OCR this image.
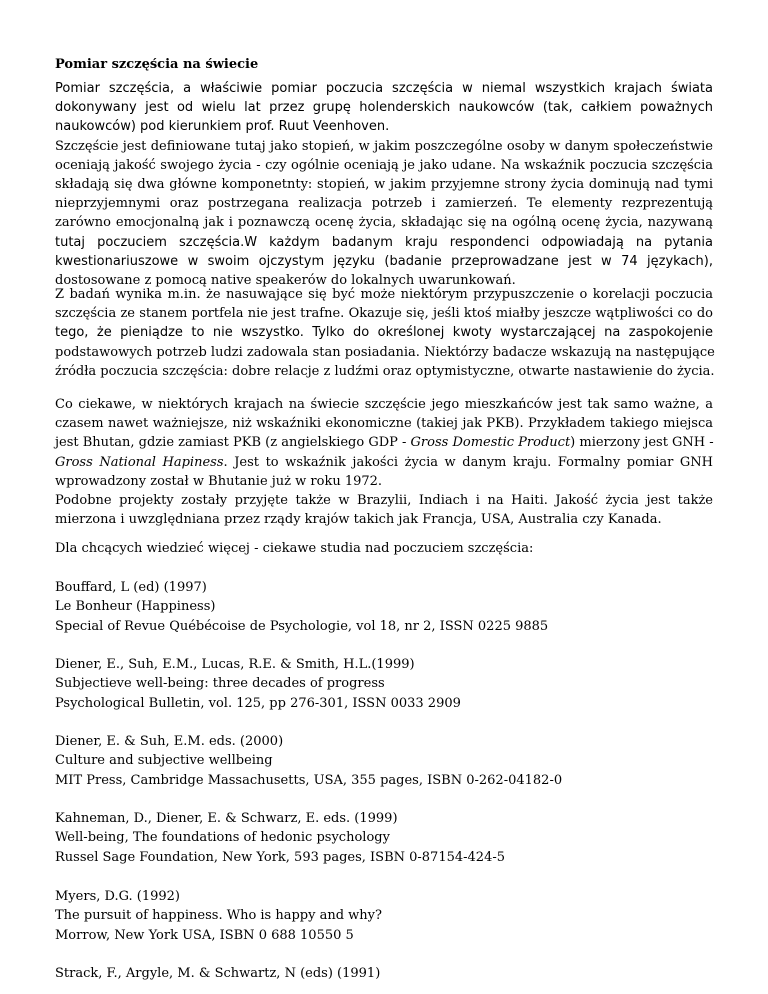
Pomiar szczęścia na świecie
Pomiar szczęścia, a właściwie pomiar poczucia szczęścia w niemal wszystkich krajach świata
dokonywany jest od wielu lat przez grupę holenderskich naukowców (tak, całkiem poważnych
naukowców) pod kierunkiem prof. Ruut Veenhoven.
Szczęście jest definiowane tutaj jako stopień, w jakim poszczególne osoby w danym społeczeństwie
oceniają jakość swojego życia - czy ogólnie oceniają je jako udane. Na wskaźnik poczucia szczęścia
składają się dwa główne komponetnty: stopień, w jakim przyjemne strony życia dominują nad tymi
nieprzyjemnymi oraz postrzegana realizacja potrzeb i zamierzeń. Te elementy rezprezentują
zarówno emocjonalną jak i poznawczą ocenę życia, składając się na ogólną ocenę życia, nazywaną
tutaj poczuciem szczęścia.W każdym badanym kraju respondenci odpowiadają na pytania
kwestionariuszowe w swoim ojczystym języku (badanie przeprowadzane jest w 74 językach),
dostosowane z pomocą native speakerów do lokalnych uwarunkowań.
Z badań wynika m.in. że nasuwające się być może niektórym przypuszczenie o korelacji poczucia
szczęścia ze stanem portfela nie jest trafne. Okazuje się, jeśli ktoś miałby jeszcze wątpliwości co do
tego, że pieniądze to nie wszystko. Tylko do określonej kwoty wystarczającej na zaspokojenie
podstawowych potrzeb ludzi zadowala stan posiadania. Niektórzy badacze wskazują na następujące
źródła poczucia szczęścia: dobre relacje z ludźmi oraz optymistyczne, otwarte nastawienie do życia.
Co ciekawe, w niektórych krajach na świecie szczęście jego mieszkańców jest tak samo ważne, a
czasem nawet ważniejsze, niż wskaźniki ekonomiczne (takiej jak PKB). Przykładem takiego miejsca
jest Bhutan, gdzie zamiast PKB (z angielskiego GDP - Gross Domestic Product) mierzony jest GNH -
Gross National Hapiness. Jest to wskaźnik jakości życia w danym kraju. Formalny pomiar GNH
wprowadzony został w Bhutanie już w roku 1972.
Podobne projekty zostały przyjęte także w Brazylii, Indiach i na Haiti. Jakość życia jest także
mierzona i uwzględniana przez rządy krajów takich jak Francja, USA, Australia czy Kanada.
Dla chcących wiedzieć więcej - ciekawe studia nad poczuciem szczęścia:
Bouffard, L (ed) (1997)
Le Bonheur (Happiness)
Special of Revue Québécoise de Psychologie, vol 18, nr 2, ISSN 0225 9885
Diener, E., Suh, E.M., Lucas, R.E. & Smith, H.L.(1999)
Subjectieve well-being: three decades of progress
Psychological Bulletin, vol. 125, pp 276-301, ISSN 0033 2909
Diener, E. & Suh, E.M. eds. (2000)
Culture and subjective wellbeing
MIT Press, Cambridge Massachusetts, USA, 355 pages, ISBN 0-262-04182-0
Kahneman, D., Diener, E. & Schwarz, E. eds. (1999)
Well-being, The foundations of hedonic psychology
Russel Sage Foundation, New York, 593 pages, ISBN 0-87154-424-5
Myers, D.G. (1992)
The pursuit of happiness. Who is happy and why?
Morrow, New York USA, ISBN 0 688 10550 5
Strack, F., Argyle, M. & Schwartz, N (eds) (1991)
